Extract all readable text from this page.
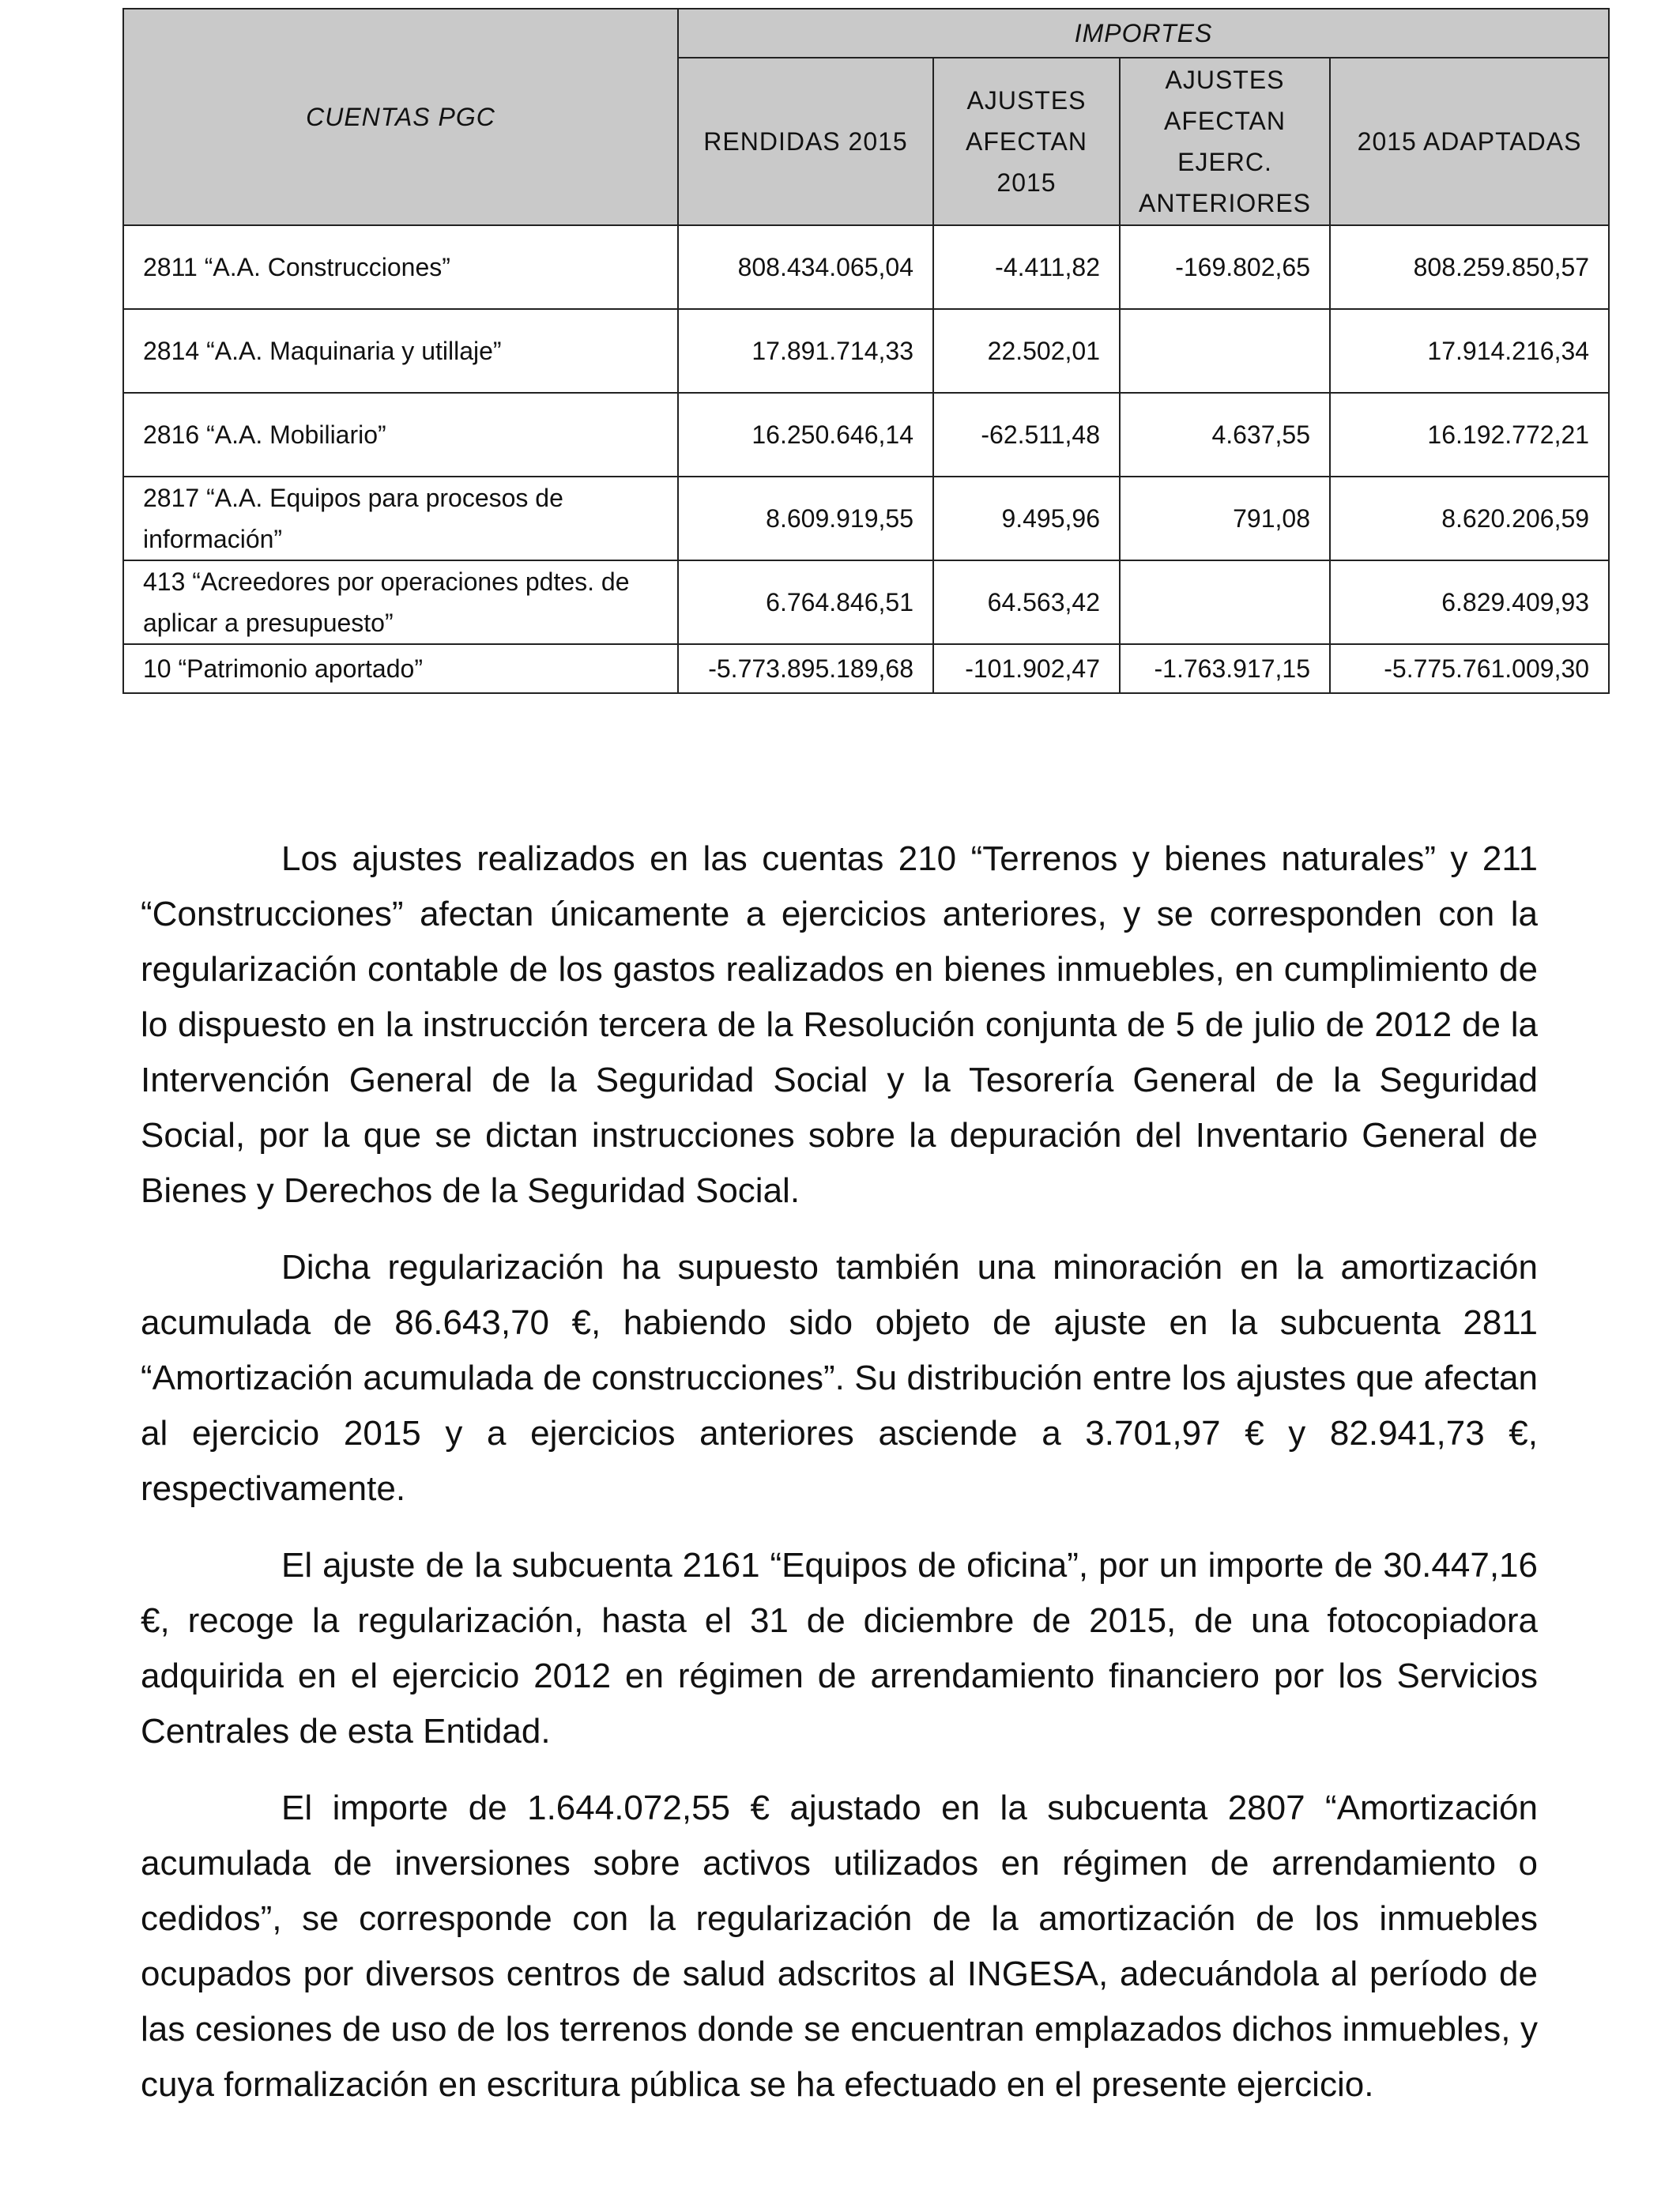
CUENTAS PGC	IMPORTES			
	RENDIDAS 2015	AJUSTES AFECTAN 2015	AJUSTES AFECTAN EJERC. ANTERIORES	2015 ADAPTADAS
2811 “A.A. Construcciones”	808.434.065,04	-4.411,82	-169.802,65	808.259.850,57
2814 “A.A. Maquinaria y utillaje”	17.891.714,33	22.502,01		17.914.216,34
2816 “A.A. Mobiliario”	16.250.646,14	-62.511,48	4.637,55	16.192.772,21
2817 “A.A. Equipos para procesos de información”	8.609.919,55	9.495,96	791,08	8.620.206,59
413 “Acreedores por operaciones pdtes. de aplicar a presupuesto”	6.764.846,51	64.563,42		6.829.409,93
10 “Patrimonio aportado”	-5.773.895.189,68	-101.902,47	-1.763.917,15	-5.775.761.009,30

Los ajustes realizados en las cuentas 210 “Terrenos y bienes naturales” y 211 “Construcciones” afectan únicamente a ejercicios anteriores, y se corresponden con la regularización contable de los gastos realizados en bienes inmuebles, en cumplimiento de lo dispuesto en la instrucción tercera de la Resolución conjunta de 5 de julio de 2012 de la Intervención General de la Seguridad Social y la Tesorería General de la Seguridad Social, por la que se dictan instrucciones sobre la depuración del Inventario General de Bienes y Derechos de la Seguridad Social.

Dicha regularización ha supuesto también una minoración en la amortización acumulada de 86.643,70 €, habiendo sido objeto de ajuste en la subcuenta 2811 “Amortización acumulada de construcciones”. Su distribución entre los ajustes que afectan al ejercicio 2015 y a ejercicios anteriores asciende a 3.701,97 € y 82.941,73 €, respectivamente.

El ajuste de la subcuenta 2161 “Equipos de oficina”, por un importe de 30.447,16 €, recoge la regularización, hasta el 31 de diciembre de 2015, de una fotocopiadora adquirida en el ejercicio 2012 en régimen de arrendamiento financiero por los Servicios Centrales de esta Entidad.

El importe de 1.644.072,55 € ajustado en la subcuenta 2807 “Amortización acumulada de inversiones sobre activos utilizados en régimen de arrendamiento o cedidos”, se corresponde con la regularización de la amortización de los inmuebles ocupados por diversos centros de salud adscritos al INGESA, adecuándola al período de las cesiones de uso de los terrenos donde se encuentran emplazados dichos inmuebles, y cuya formalización en escritura pública se ha efectuado en el presente ejercicio.
